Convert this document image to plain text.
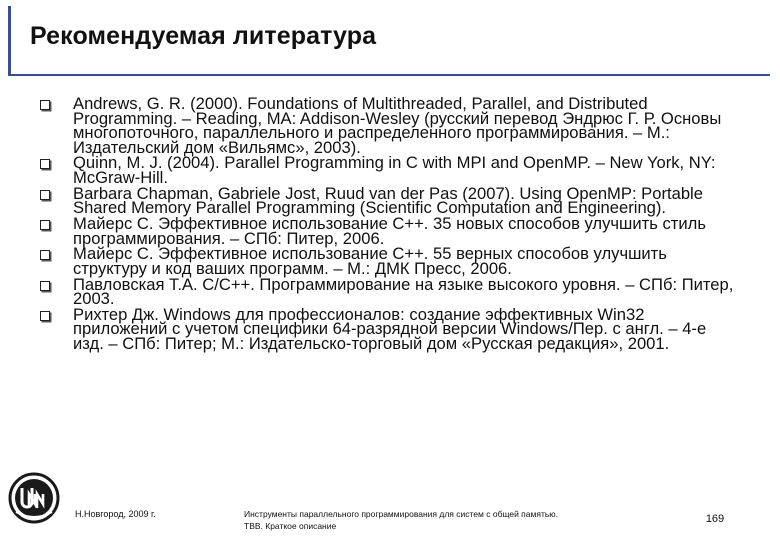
Рекомендуемая литература
Andrews, G. R. (2000). Foundations of Multithreaded, Parallel, and Distributed Programming. – Reading, MA: Addison-Wesley (русский перевод Эндрюс Г. Р. Основы многопоточного, параллельного и распределенного программирования. – М.: Издательский дом «Вильямс», 2003).
Quinn, M. J. (2004). Parallel Programming in C with MPI and OpenMP. – New York, NY: McGraw-Hill.
Barbara Chapman, Gabriele Jost, Ruud van der Pas (2007). Using OpenMP: Portable Shared Memory Parallel Programming (Scientific Computation and Engineering).
Майерс С. Эффективное использование С++. 35 новых способов улучшить стиль программирования. – СПб: Питер, 2006.
Майерс С. Эффективное использование С++. 55 верных способов улучшить структуру и код ваших программ. – М.: ДМК Пресс, 2006.
Павловская Т.А. C/C++. Программирование на языке высокого уровня. – СПб: Питер, 2003.
Рихтер Дж. Windows для профессионалов: создание эффективных Win32 приложений с учетом специфики 64-разрядной версии Windows/Пер. с англ. – 4-е изд. – СПб: Питер; М.: Издательско-торговый дом «Русская редакция», 2001.
Н.Новгород, 2009 г.	Инструменты параллельного программирования для систем с общей памятью.
ТВВ. Краткое описание
169
